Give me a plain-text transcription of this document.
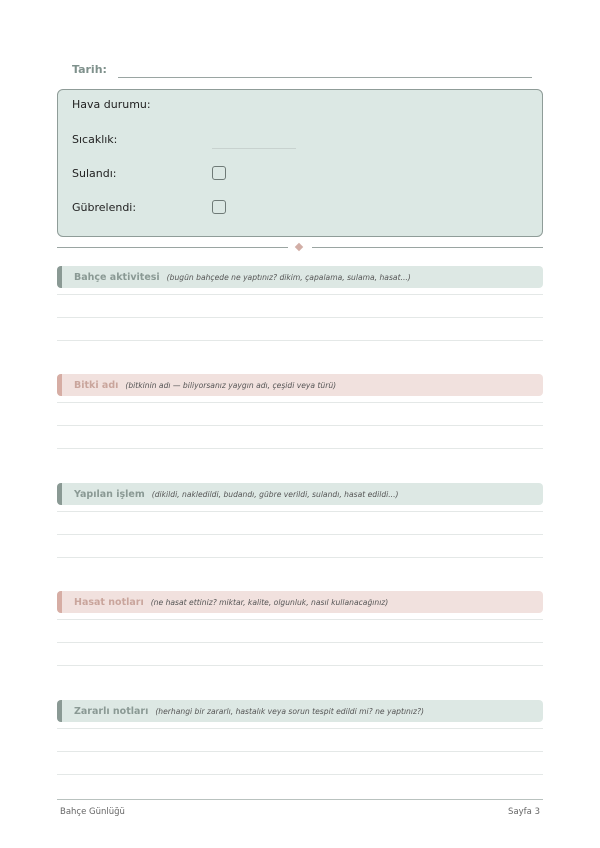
Tarih:
Hava durumu:
Sıcaklık:
Sulandı:
Gübrelendi:
Bahçe aktivitesi (bugün bahçede ne yaptınız? dikim, çapalama, sulama, hasat...)
Bitki adı (bitkinin adı — biliyorsanız yaygın adı, çeşidi veya türü)
Yapılan işlem (dikildi, nakledildi, budandı, gübre verildi, sulandı, hasat edildi...)
Hasat notları (ne hasat ettiniz? miktar, kalite, olgunluk, nasıl kullanacağınız)
Zararlı notları (herhangi bir zararlı, hastalık veya sorun tespit edildi mi? ne yaptınız?)
Bahçe Günlüğü	Sayfa 3
